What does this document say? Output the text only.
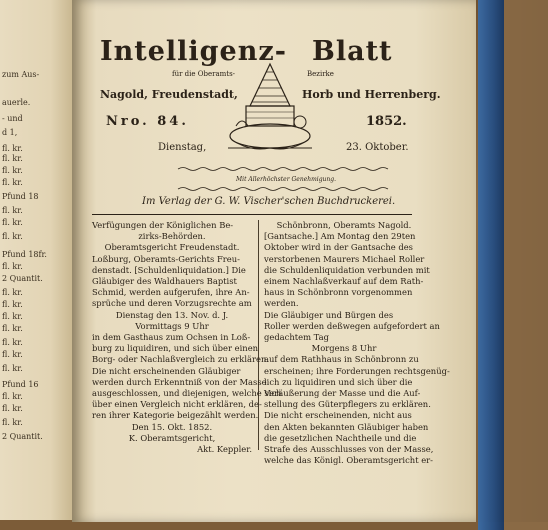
zum Aus-
auerle.
- und
d 1,
fl. kr.
fl. kr.
fl. kr.
fl. kr.
Pfund 18
fl. kr.
fl. kr.
fl. kr.
Pfund 18fr.
fl. kr.
2 Quantit.
fl. kr.
fl. kr.
fl. kr.
fl. kr.
fl. kr.
fl. kr.
fl. kr.
Pfund 16
fl. kr.
fl. kr.
fl. kr.
2 Quantit.
Intelligenz- Blatt
für die Oberamts-	Bezirke
Nagold, Freudenstadt,	Horb und Herrenberg.
Nro. 84.	1852.
Dienstag,	23. Oktober.
Mit Allerhöchster Genehmigung.
Im Verlag der G. W. Vischer'schen Buchdruckerei.
Verfügungen der Königlichen Be-
zirks-Behörden.
Oberamtsgericht Freudenstadt.
Loßburg, Oberamts-Gerichts Freu-
denstadt. [Schuldenliquidation.] Die
Gläubiger des Waldhauers Baptist
Schmid, werden aufgerufen, ihre An-
sprüche und deren Vorzugsrechte am
Dienstag den 13. Nov. d. J.
Vormittags 9 Uhr
in dem Gasthaus zum Ochsen in Loß-
burg zu liquidiren, und sich über einen
Borg- oder Nachlaßvergleich zu erklären.
Die nicht erscheinenden Gläubiger
werden durch Erkenntniß von der Masse
ausgeschlossen, und diejenigen, welche sich
über einen Vergleich nicht erklären, de-
ren ihrer Kategorie beigezählt werden.
Den 15. Okt. 1852.
K. Oberamtsgericht,
Akt. Keppler.
Schönbronn, Oberamts Nagold.
[Gantsache.] Am Montag den 29ten
Oktober wird in der Gantsache des
verstorbenen Maurers Michael Roller
die Schuldenliquidation verbunden mit
einem Nachlaßverkauf auf dem Rath-
haus in Schönbronn vorgenommen
werden.
Die Gläubiger und Bürgen des
Roller werden deßwegen aufgefordert an
gedachtem Tag
Morgens 8 Uhr
auf dem Rathhaus in Schönbronn zu
erscheinen; ihre Forderungen rechtsgenüg-
lich zu liquidiren und sich über die
Veräußerung der Masse und die Auf-
stellung des Güterpflegers zu erklären.
Die nicht erscheinenden, nicht aus
den Akten bekannten Gläubiger haben
die gesetzlichen Nachtheile und die
Strafe des Ausschlusses von der Masse,
welche das Königl. Oberamtsgericht er-
